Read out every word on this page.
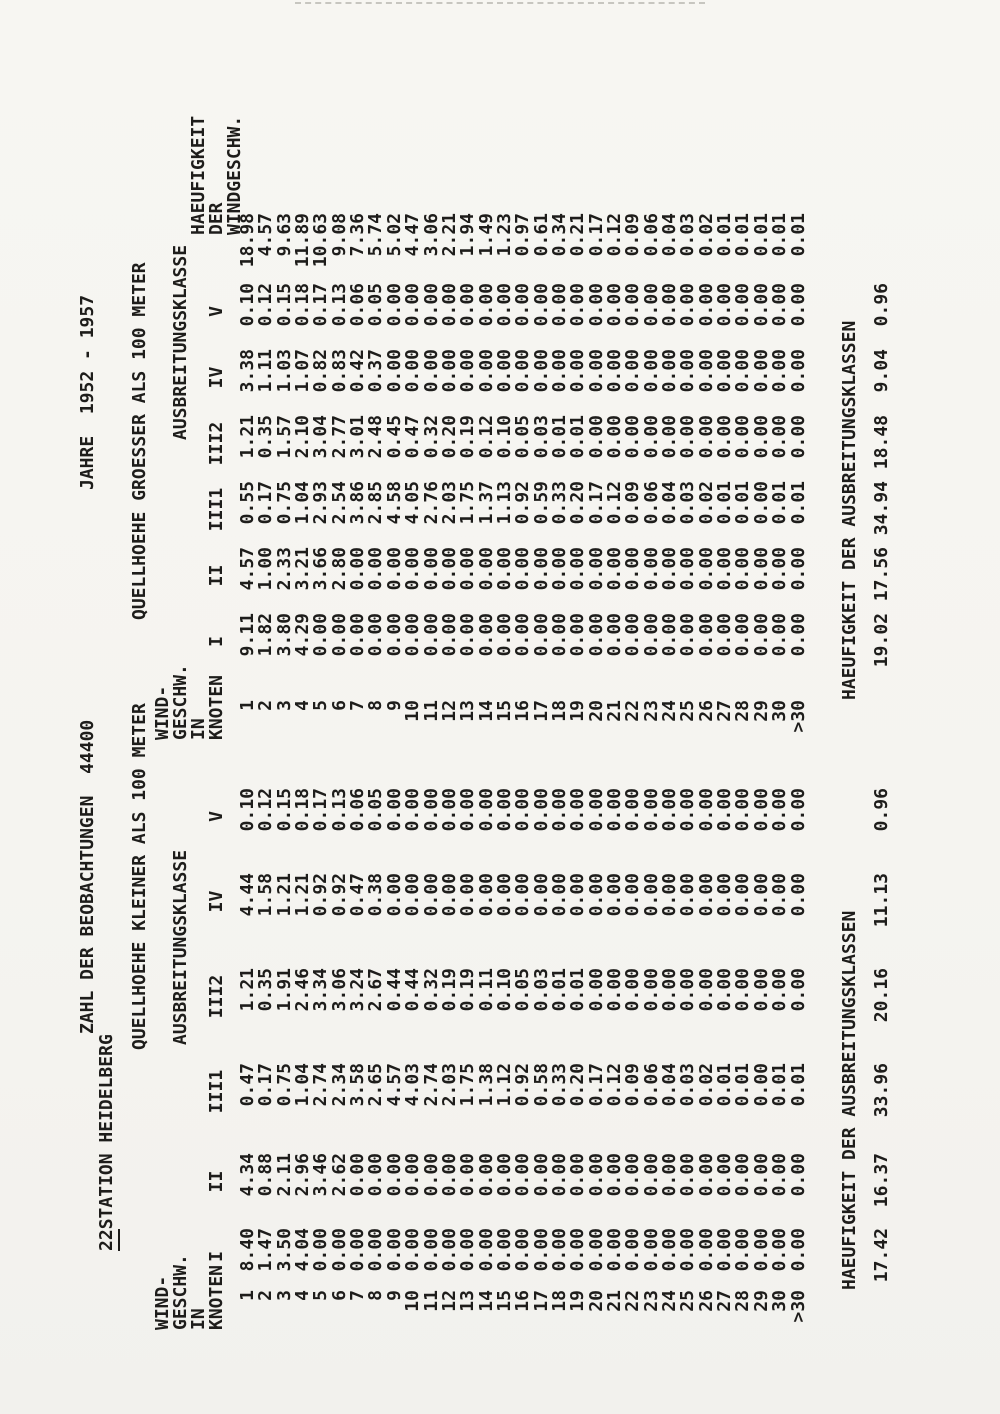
22STATION HEIDELBERG

ZAHL DER BEOBACHTUNGEN  44400
JAHRE  1952 - 1957
QUELLHOEHE KLEINER ALS 100 METER AUSBREITUNGSKLASSE
WIND-
GESCHW.
IN
KNOTEN
HAEUFIGKEIT DER AUSBREITUNGSKLASSEN
I
II
III1
III2
IV
V
1
8.40
4.34
0.47
1.21
4.44
0.10
2
1.47
0.88
0.17
0.35
1.58
0.12
3
3.50
2.11
0.75
1.91
1.21
0.15
4
4.04
2.96
1.04
2.46
1.21
0.18
5
0.00
3.46
2.74
3.34
0.92
0.17
6
0.00
2.62
2.34
3.06
0.92
0.13
7
0.00
0.00
3.58
3.24
0.47
0.06
8
0.00
0.00
2.65
2.67
0.38
0.05
9
0.00
0.00
4.57
0.44
0.00
0.00
10
0.00
0.00
4.03
0.44
0.00
0.00
11
0.00
0.00
2.74
0.32
0.00
0.00
12
0.00
0.00
2.03
0.19
0.00
0.00
13
0.00
0.00
1.75
0.19
0.00
0.00
14
0.00
0.00
1.38
0.11
0.00
0.00
15
0.00
0.00
1.12
0.10
0.00
0.00
16
0.00
0.00
0.92
0.05
0.00
0.00
17
0.00
0.00
0.58
0.03
0.00
0.00
18
0.00
0.00
0.33
0.01
0.00
0.00
19
0.00
0.00
0.20
0.01
0.00
0.00
20
0.00
0.00
0.17
0.00
0.00
0.00
21
0.00
0.00
0.12
0.00
0.00
0.00
22
0.00
0.00
0.09
0.00
0.00
0.00
23
0.00
0.00
0.06
0.00
0.00
0.00
24
0.00
0.00
0.04
0.00
0.00
0.00
25
0.00
0.00
0.03
0.00
0.00
0.00
26
0.00
0.00
0.02
0.00
0.00
0.00
27
0.00
0.00
0.01
0.00
0.00
0.00
28
0.00
0.00
0.01
0.00
0.00
0.00
29
0.00
0.00
0.00
0.00
0.00
0.00
30
0.00
0.00
0.01
0.00
0.00
0.00
>30
0.00
0.00
0.01
0.00
0.00
0.00
17.42
16.37
33.96
20.16
11.13
0.96
QUELLHOEHE GROESSER ALS 100 METER AUSBREITUNGSKLASSE
WIND-
GESCHW.
IN
KNOTEN
HAEUFIGKEIT
DER
WINDGESCHW.
HAEUFIGKEIT DER AUSBREITUNGSKLASSEN
I
II
III1
III2
IV
V
1
9.11
4.57
0.55
1.21
3.38
0.10
18.98
2
1.82
1.00
0.17
0.35
1.11
0.12
4.57
3
3.80
2.33
0.75
1.57
1.03
0.15
9.63
4
4.29
3.21
1.04
2.10
1.07
0.18
11.89
5
0.00
3.66
2.93
3.04
0.82
0.17
10.63
6
0.00
2.80
2.54
2.77
0.83
0.13
9.08
7
0.00
0.00
3.86
3.01
0.42
0.06
7.36
8
0.00
0.00
2.85
2.48
0.37
0.05
5.74
9
0.00
0.00
4.58
0.45
0.00
0.00
5.02
10
0.00
0.00
4.05
0.47
0.00
0.00
4.47
11
0.00
0.00
2.76
0.32
0.00
0.00
3.06
12
0.00
0.00
2.03
0.20
0.00
0.00
2.21
13
0.00
0.00
1.75
0.19
0.00
0.00
1.94
14
0.00
0.00
1.37
0.12
0.00
0.00
1.49
15
0.00
0.00
1.13
0.10
0.00
0.00
1.23
16
0.00
0.00
0.92
0.05
0.00
0.00
0.97
17
0.00
0.00
0.59
0.03
0.00
0.00
0.61
18
0.00
0.00
0.33
0.01
0.00
0.00
0.34
19
0.00
0.00
0.20
0.01
0.00
0.00
0.21
20
0.00
0.00
0.17
0.00
0.00
0.00
0.17
21
0.00
0.00
0.12
0.00
0.00
0.00
0.12
22
0.00
0.00
0.09
0.00
0.00
0.00
0.09
23
0.00
0.00
0.06
0.00
0.00
0.00
0.06
24
0.00
0.00
0.04
0.00
0.00
0.00
0.04
25
0.00
0.00
0.03
0.00
0.00
0.00
0.03
26
0.00
0.00
0.02
0.00
0.00
0.00
0.02
27
0.00
0.00
0.01
0.00
0.00
0.00
0.01
28
0.00
0.00
0.01
0.00
0.00
0.00
0.01
29
0.00
0.00
0.00
0.00
0.00
0.00
0.01
30
0.00
0.00
0.01
0.00
0.00
0.00
0.01
>30
0.00
0.00
0.01
0.00
0.00
0.00
0.01
19.02
17.56
34.94
18.48
9.04
0.96
